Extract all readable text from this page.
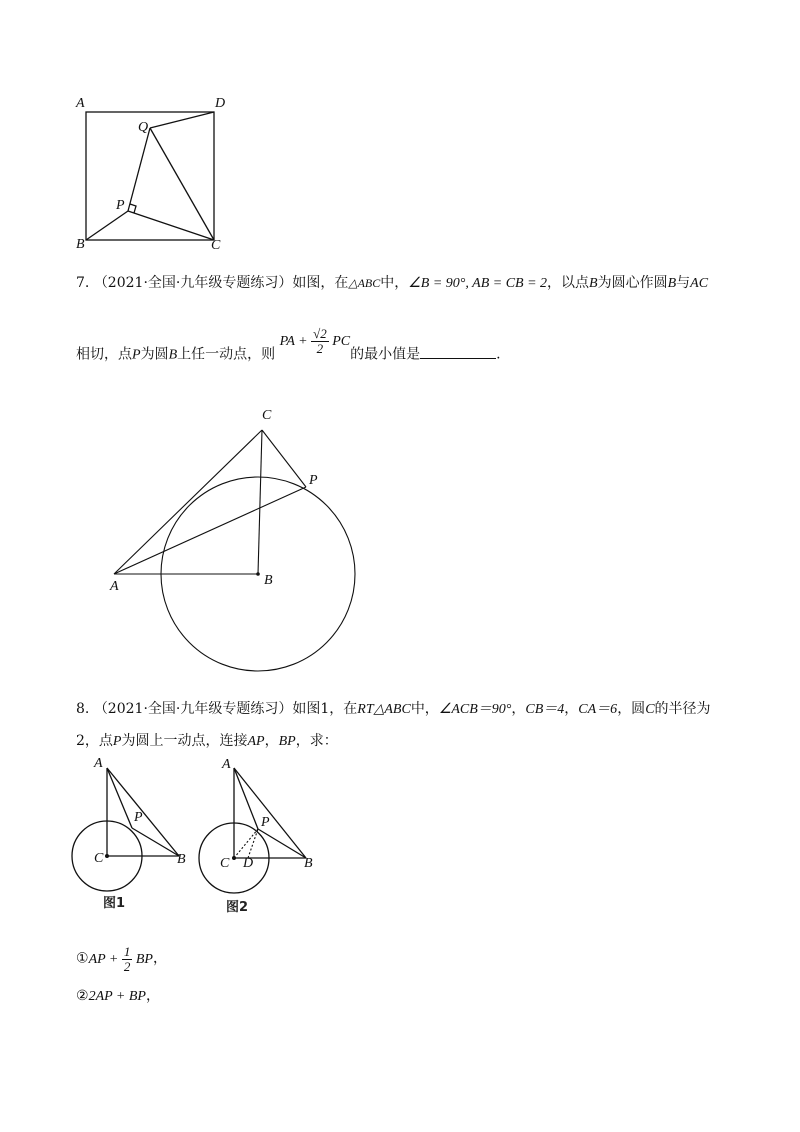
A	D
Q
P
B	C
7. （2021·全国·九年级专题练习）如图，在△ABC中，∠B = 90°, AB = CB = 2，以点B为圆心作圆B与AC
相切，点P为圆B上任一动点，则 PA + $\frac{√2}{2}$ PC的最小值是	.
C
P
A	B
8. （2021·全国·九年级专题练习）如图1，在RT△ABC中，∠ACB＝90°，CB＝4，CA＝6，圆C的半径为
2，点P为圆上一动点，连接AP，BP，求：
A
P
C	B
图1
A
P
C D	B
图2
①AP + $\frac{1}{2}$ BP，
②2AP + BP，
